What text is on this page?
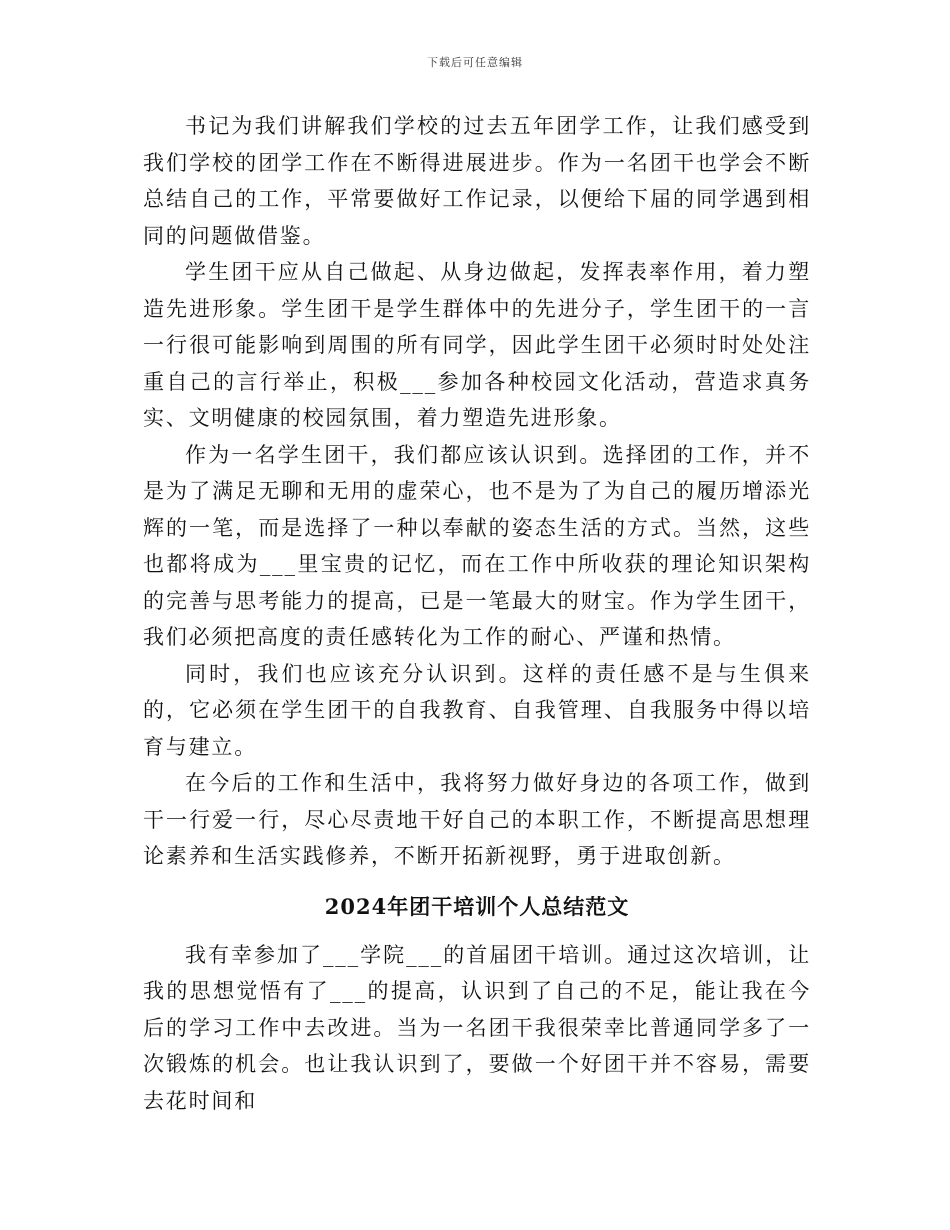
下载后可任意编辑

书记为我们讲解我们学校的过去五年团学工作，让我们感受到我们学校的团学工作在不断得进展进步。作为一名团干也学会不断总结自己的工作，平常要做好工作记录，以便给下届的同学遇到相同的问题做借鉴。

学生团干应从自己做起、从身边做起，发挥表率作用，着力塑造先进形象。学生团干是学生群体中的先进分子，学生团干的一言一行很可能影响到周围的所有同学，因此学生团干必须时时处处注重自己的言行举止，积极___参加各种校园文化活动，营造求真务实、文明健康的校园氛围，着力塑造先进形象。

作为一名学生团干，我们都应该认识到。选择团的工作，并不是为了满足无聊和无用的虚荣心，也不是为了为自己的履历增添光辉的一笔，而是选择了一种以奉献的姿态生活的方式。当然，这些也都将成为___里宝贵的记忆，而在工作中所收获的理论知识架构的完善与思考能力的提高，已是一笔最大的财宝。作为学生团干，我们必须把高度的责任感转化为工作的耐心、严谨和热情。

同时，我们也应该充分认识到。这样的责任感不是与生俱来的，它必须在学生团干的自我教育、自我管理、自我服务中得以培育与建立。

在今后的工作和生活中，我将努力做好身边的各项工作，做到干一行爱一行，尽心尽责地干好自己的本职工作，不断提高思想理论素养和生活实践修养，不断开拓新视野，勇于进取创新。

2024年团干培训个人总结范文

我有幸参加了___学院___的首届团干培训。通过这次培训，让我的思想觉悟有了___的提高，认识到了自己的不足，能让我在今后的学习工作中去改进。当为一名团干我很荣幸比普通同学多了一次锻炼的机会。也让我认识到了，要做一个好团干并不容易，需要去花时间和
